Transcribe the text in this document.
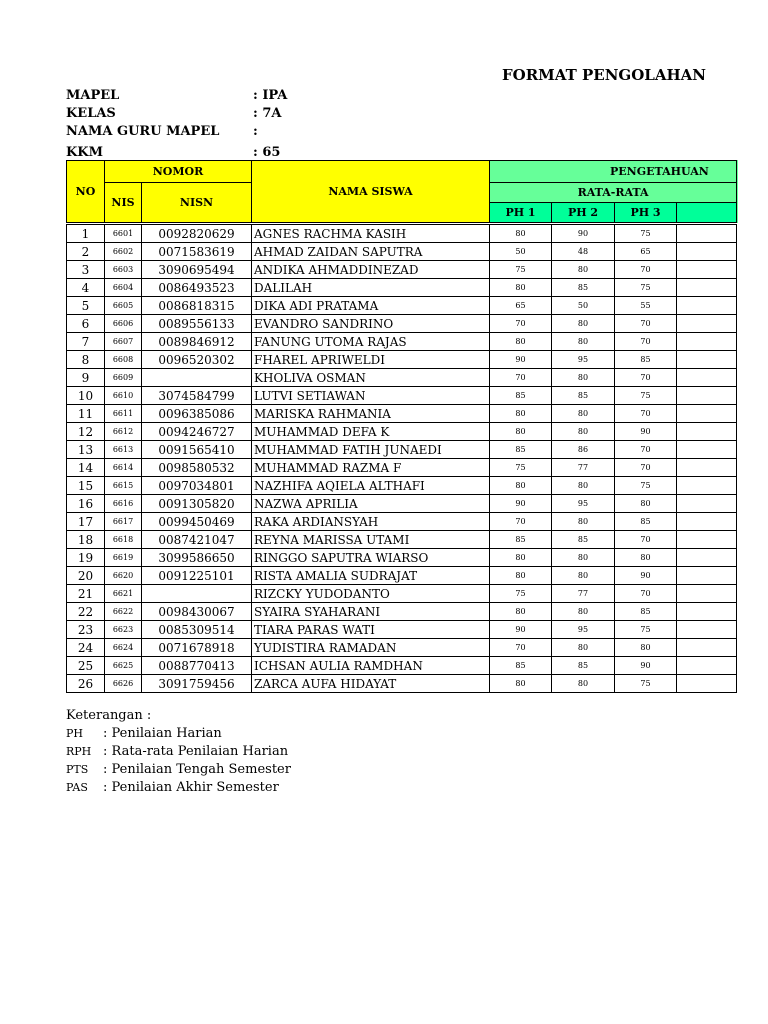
FORMAT PENGOLAHAN
MAPEL	: IPA
KELAS	: 7A
NAMA GURU MAPEL	:
KKM	: 65
NO	NOMOR		NAMA SISWA	PENGETAHUAN			
	NIS	NISN		RATA-RATA			
				PH 1	PH 2	PH 3	

1	6601	0092820629	AGNES RACHMA KASIH	80	90	75	
2	6602	0071583619	AHMAD ZAIDAN SAPUTRA	50	48	65	
3	6603	3090695494	ANDIKA AHMADDINEZAD	75	80	70	
4	6604	0086493523	DALILAH	80	85	75	
5	6605	0086818315	DIKA ADI PRATAMA	65	50	55	
6	6606	0089556133	EVANDRO SANDRINO	70	80	70	
7	6607	0089846912	FANUNG UTOMA RAJAS	80	80	70	
8	6608	0096520302	FHAREL APRIWELDI	90	95	85	
9	6609		KHOLIVA OSMAN	70	80	70	
10	6610	3074584799	LUTVI SETIAWAN	85	85	75	
11	6611	0096385086	MARISKA RAHMANIA	80	80	70	
12	6612	0094246727	MUHAMMAD DEFA K	80	80	90	
13	6613	0091565410	MUHAMMAD FATIH JUNAEDI	85	86	70	
14	6614	0098580532	MUHAMMAD RAZMA F	75	77	70	
15	6615	0097034801	NAZHIFA AQIELA ALTHAFI	80	80	75	
16	6616	0091305820	NAZWA APRILIA	90	95	80	
17	6617	0099450469	RAKA ARDIANSYAH	70	80	85	
18	6618	0087421047	REYNA MARISSA UTAMI	85	85	70	
19	6619	3099586650	RINGGO SAPUTRA WIARSO	80	80	80	
20	6620	0091225101	RISTA AMALIA SUDRAJAT	80	80	90	
21	6621		RIZCKY YUDODANTO	75	77	70	
22	6622	0098430067	SYAIRA SYAHARANI	80	80	85	
23	6623	0085309514	TIARA PARAS WATI	90	95	75	
24	6624	0071678918	YUDISTIRA RAMADAN	70	80	80	
25	6625	0088770413	ICHSAN AULIA RAMDHAN	85	85	90	
26	6626	3091759456	ZARCA AUFA HIDAYAT	80	80	75	
Keterangan :
PH	: Penilaian Harian
RPH : Rata-rata Penilaian Harian
PTS	: Penilaian Tengah Semester
PAS	: Penilaian Akhir Semester
